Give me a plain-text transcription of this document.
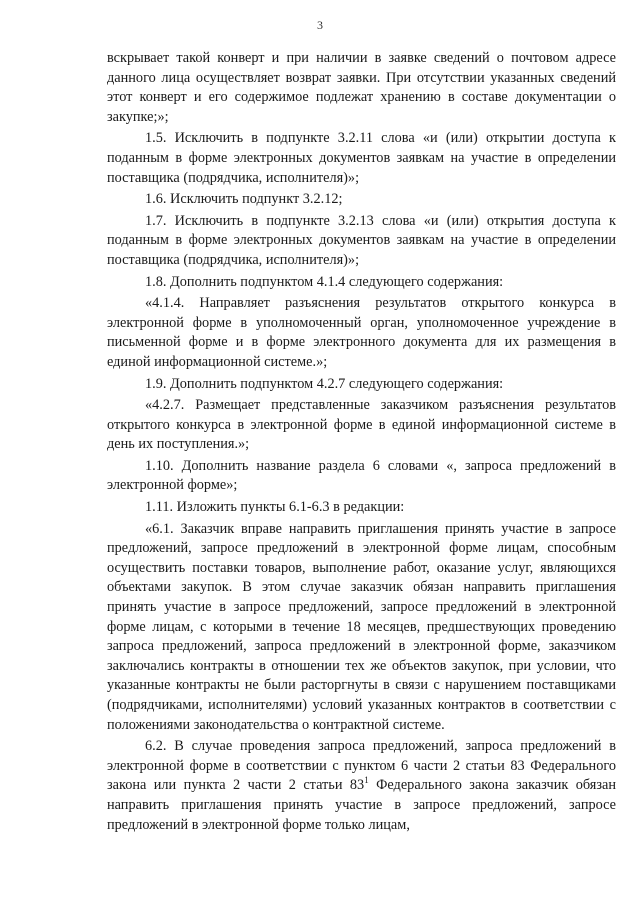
3

вскрывает такой конверт и при наличии в заявке сведений о почтовом адресе данного лица осуществляет возврат заявки. При отсутствии указанных сведений этот конверт и его содержимое подлежат хранению в составе документации о закупке;»;

1.5. Исключить в подпункте 3.2.11 слова «и (или) открытии доступа к поданным в форме электронных документов заявкам на участие в определении поставщика (подрядчика, исполнителя)»;

1.6. Исключить подпункт 3.2.12;

1.7. Исключить в подпункте 3.2.13 слова «и (или) открытия доступа к поданным в форме электронных документов заявкам на участие в определении поставщика (подрядчика, исполнителя)»;

1.8. Дополнить подпунктом 4.1.4 следующего содержания:

«4.1.4. Направляет разъяснения результатов открытого конкурса в электронной форме в уполномоченный орган, уполномоченное учреждение в письменной форме и в форме электронного документа для их размещения в единой информационной системе.»;

1.9. Дополнить подпунктом 4.2.7 следующего содержания:

«4.2.7. Размещает представленные заказчиком разъяснения результатов открытого конкурса в электронной форме в единой информационной системе в день их поступления.»;

1.10. Дополнить название раздела 6 словами «, запроса предложений в электронной форме»;

1.11. Изложить пункты 6.1-6.3 в редакции:

«6.1. Заказчик вправе направить приглашения принять участие в запросе предложений, запросе предложений в электронной форме лицам, способным осуществить поставки товаров, выполнение работ, оказание услуг, являющихся объектами закупок. В этом случае заказчик обязан направить приглашения принять участие в запросе предложений, запросе предложений в электронной форме лицам, с которыми в течение 18 месяцев, предшествующих проведению запроса предложений, запроса предложений в электронной форме, заказчиком заключались контракты в отношении тех же объектов закупок, при условии, что указанные контракты не были расторгнуты в связи с нарушением поставщиками (подрядчиками, исполнителями) условий указанных контрактов в соответствии с положениями законодательства о контрактной системе.

6.2. В случае проведения запроса предложений, запроса предложений в электронной форме в соответствии с пунктом 6 части 2 статьи 83 Федерального закона или пункта 2 части 2 статьи $83^1$ Федерального закона заказчик обязан направить приглашения принять участие в запросе предложений, запросе предложений в электронной форме только лицам,
